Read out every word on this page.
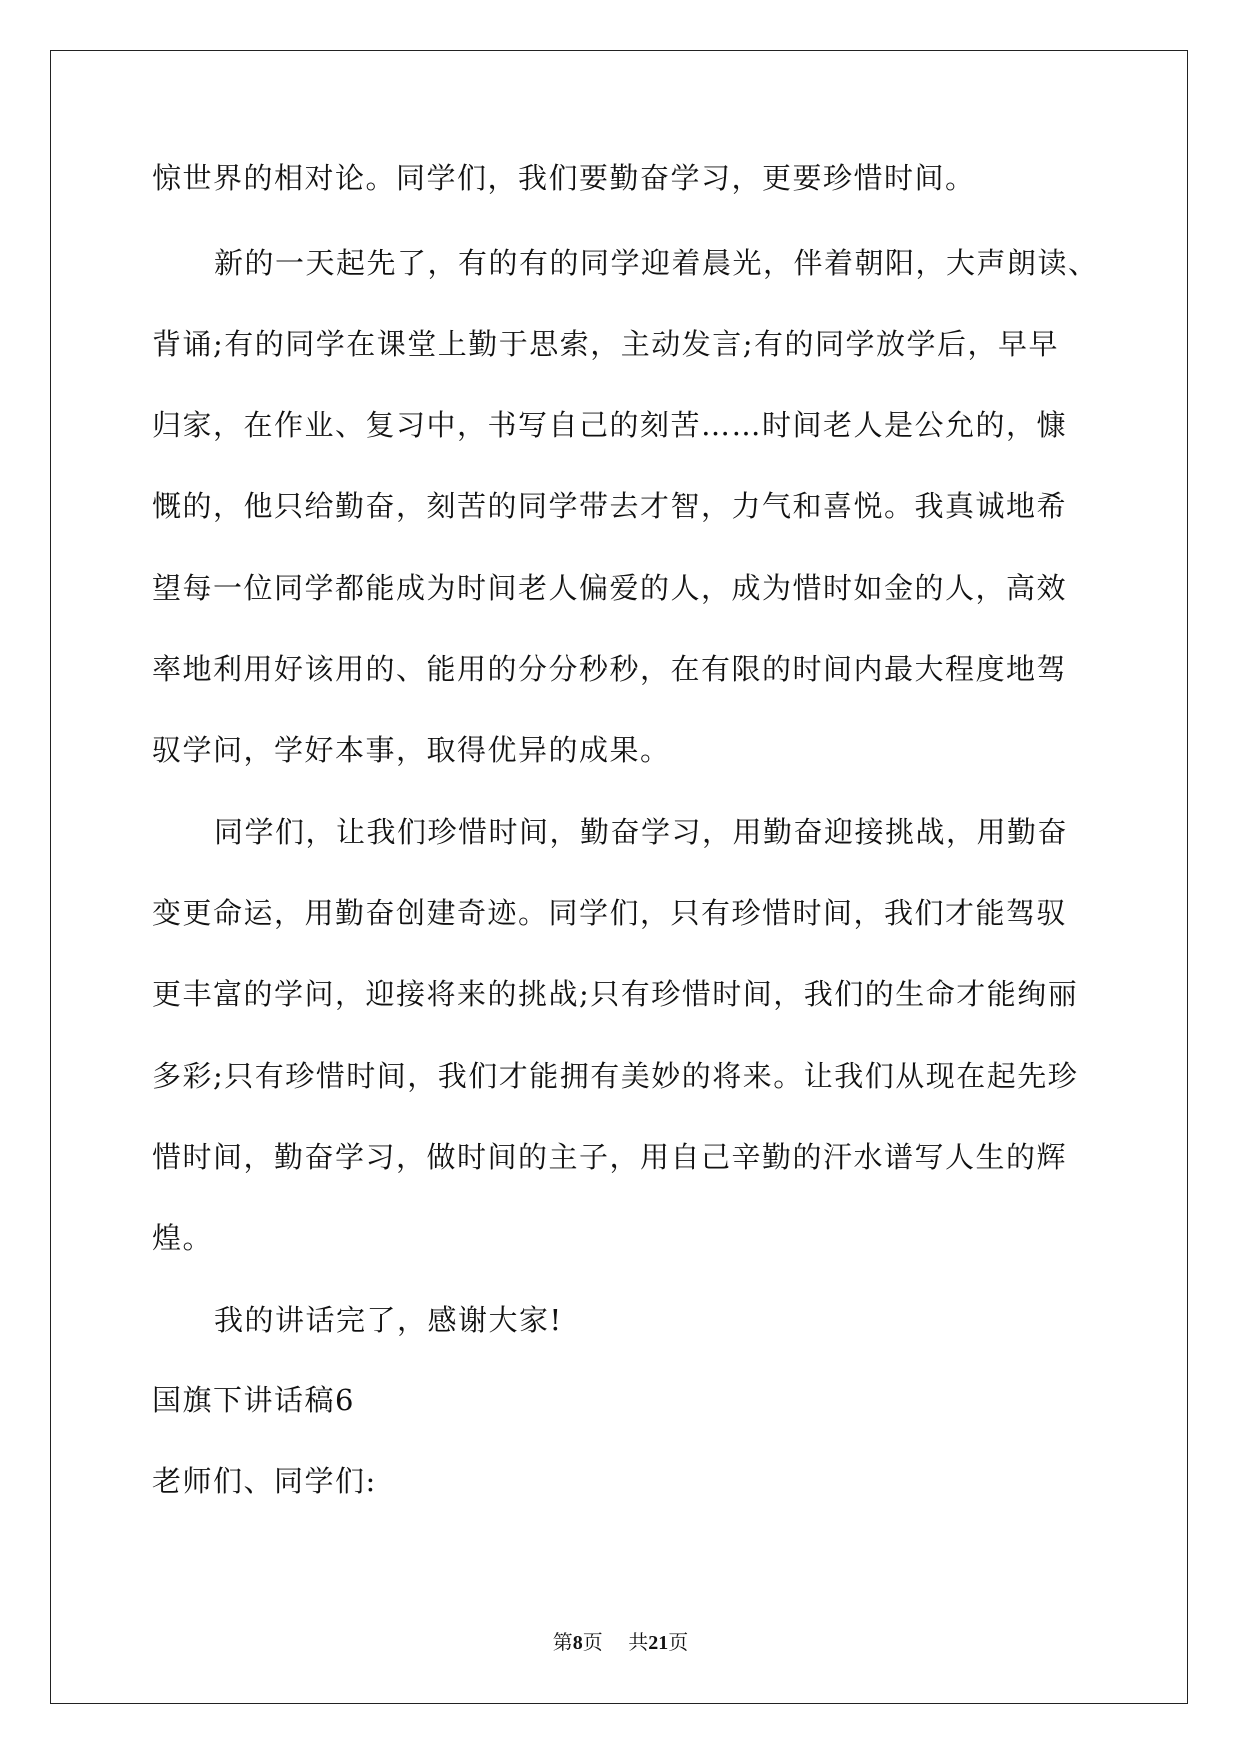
惊世界的相对论。同学们，我们要勤奋学习，更要珍惜时间。

新的一天起先了，有的有的同学迎着晨光，伴着朝阳，大声朗读、

背诵;有的同学在课堂上勤于思索，主动发言;有的同学放学后，早早

归家，在作业、复习中，书写自己的刻苦……时间老人是公允的，慷

慨的，他只给勤奋，刻苦的同学带去才智，力气和喜悦。我真诚地希

望每一位同学都能成为时间老人偏爱的人，成为惜时如金的人，高效

率地利用好该用的、能用的分分秒秒，在有限的时间内最大程度地驾

驭学问，学好本事，取得优异的成果。

同学们，让我们珍惜时间，勤奋学习，用勤奋迎接挑战，用勤奋

变更命运，用勤奋创建奇迹。同学们，只有珍惜时间，我们才能驾驭

更丰富的学问，迎接将来的挑战;只有珍惜时间，我们的生命才能绚丽

多彩;只有珍惜时间，我们才能拥有美妙的将来。让我们从现在起先珍

惜时间，勤奋学习，做时间的主子，用自己辛勤的汗水谱写人生的辉

煌。

我的讲话完了，感谢大家!

国旗下讲话稿6

老师们、同学们:

第8页 共21页
